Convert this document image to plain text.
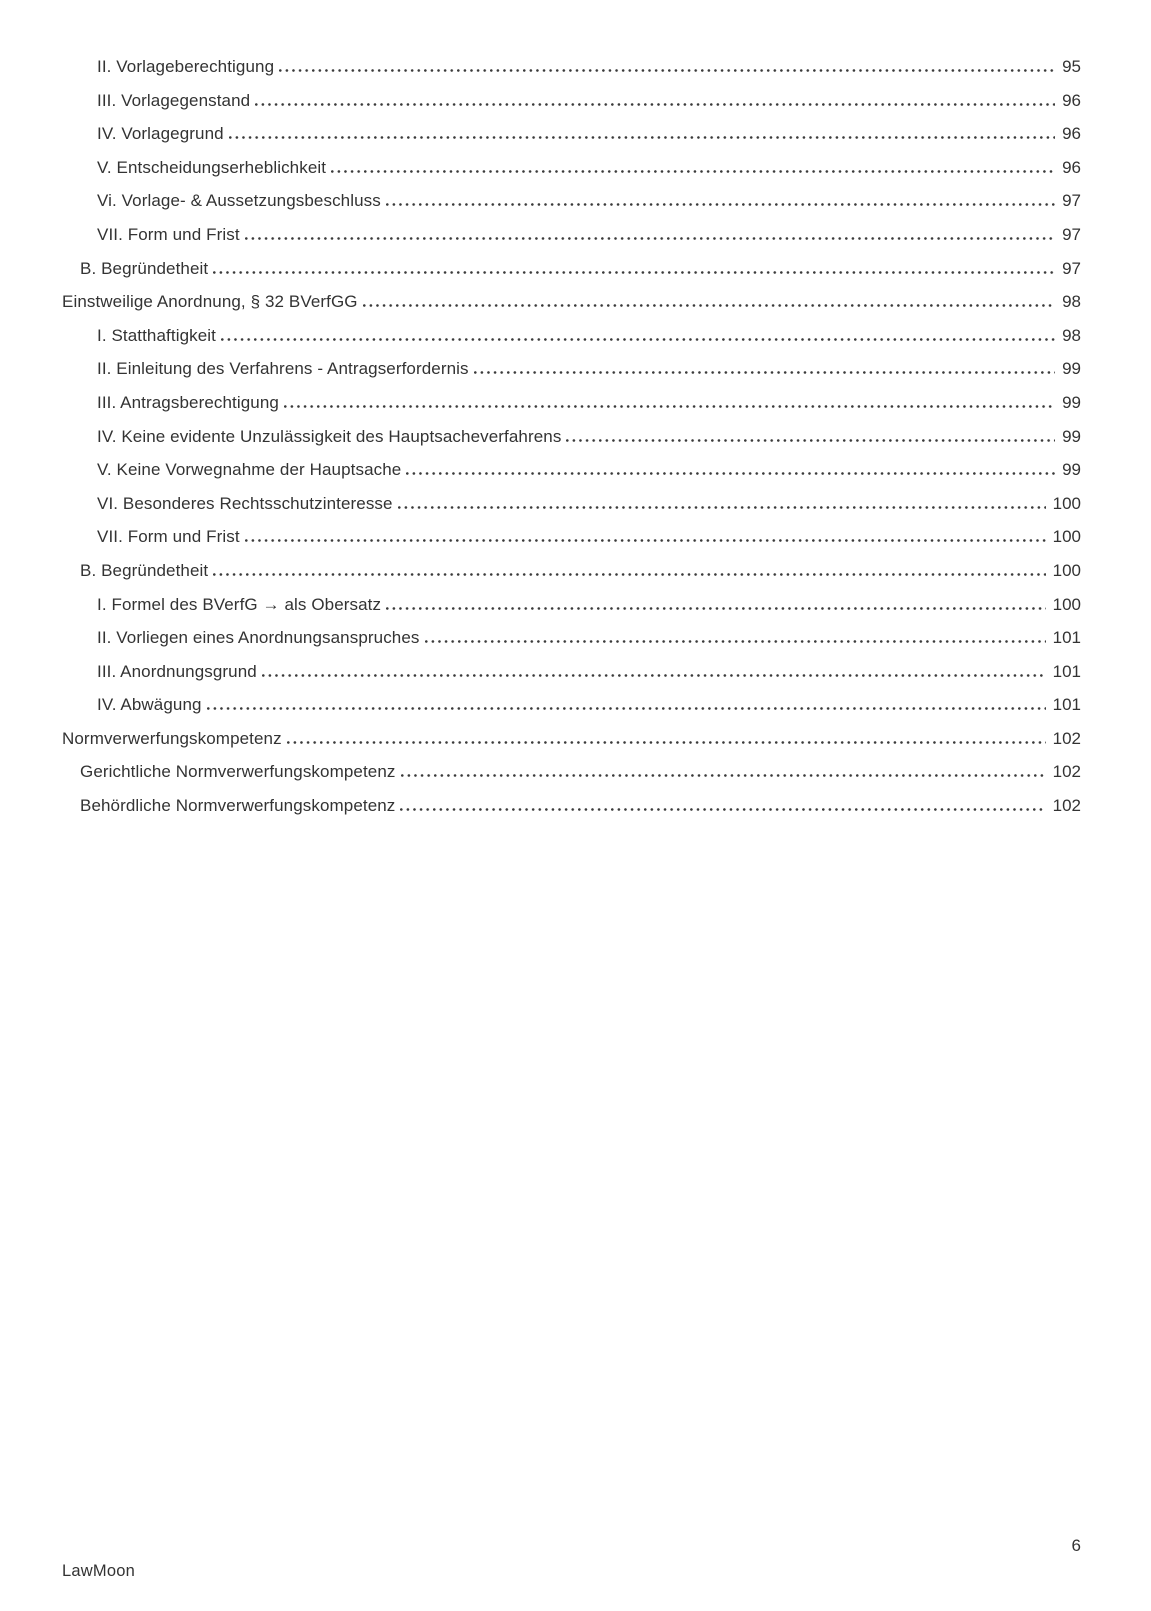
II. Vorlageberechtigung	95
III. Vorlagegenstand	96
IV. Vorlagegrund	96
V. Entscheidungserheblichkeit	96
Vi. Vorlage- & Aussetzungsbeschluss	97
VII. Form und Frist	97
B. Begründetheit	97
Einstweilige Anordnung, § 32 BVerfGG	98
I. Statthaftigkeit	98
II. Einleitung des Verfahrens - Antragserfordernis	99
III. Antragsberechtigung	99
IV. Keine evidente Unzulässigkeit des Hauptsacheverfahrens	99
V. Keine Vorwegnahme der Hauptsache	99
VI. Besonderes Rechtsschutzinteresse	100
VII. Form und Frist	100
B. Begründetheit	100
I. Formel des BVerfG → als Obersatz	100
II. Vorliegen eines Anordnungsanspruches	101
III. Anordnungsgrund	101
IV. Abwägung	101
Normverwerfungskompetenz	102
Gerichtliche Normverwerfungskompetenz	102
Behördliche Normverwerfungskompetenz	102
6
LawMoon
